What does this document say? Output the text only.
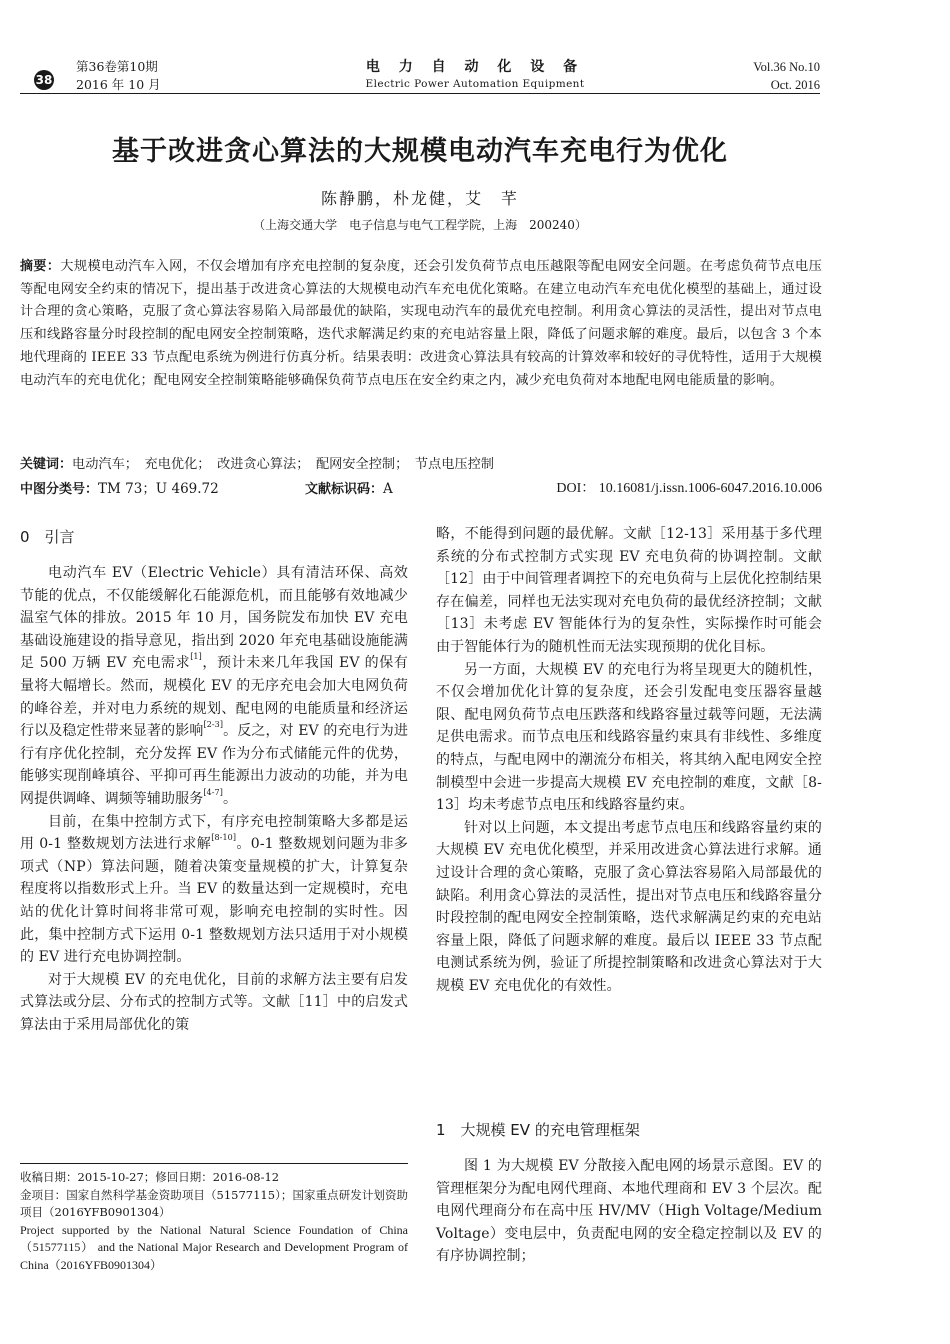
38
第36卷第10期
2016 年 10 月
电 力 自 动 化 设 备
Electric Power Automation Equipment
Vol.36 No.10
Oct. 2016
基于改进贪心算法的大规模电动汽车充电行为优化
陈静鹏，朴龙健，艾　芊
（上海交通大学　电子信息与电气工程学院，上海　200240）
摘要：大规模电动汽车入网，不仅会增加有序充电控制的复杂度，还会引发负荷节点电压越限等配电网安全问题。在考虑负荷节点电压等配电网安全约束的情况下，提出基于改进贪心算法的大规模电动汽车充电优化策略。在建立电动汽车充电优化模型的基础上，通过设计合理的贪心策略，克服了贪心算法容易陷入局部最优的缺陷，实现电动汽车的最优充电控制。利用贪心算法的灵活性，提出对节点电压和线路容量分时段控制的配电网安全控制策略，迭代求解满足约束的充电站容量上限，降低了问题求解的难度。最后，以包含 3 个本地代理商的 IEEE 33 节点配电系统为例进行仿真分析。结果表明：改进贪心算法具有较高的计算效率和较好的寻优特性，适用于大规模电动汽车的充电优化；配电网安全控制策略能够确保负荷节点电压在安全约束之内，减少充电负荷对本地配电网电能质量的影响。
关键词：电动汽车；　充电优化；　改进贪心算法；　配网安全控制；　节点电压控制
中图分类号：TM 73；U 469.72	文献标识码：A	DOI： 10.16081/j.issn.1006-6047.2016.10.006
0　引言

电动汽车 EV（Electric Vehicle）具有清洁环保、高效节能的优点，不仅能缓解化石能源危机，而且能够有效地减少温室气体的排放。2015 年 10 月，国务院发布加快 EV 充电基础设施建设的指导意见，指出到 2020 年充电基础设施能满足 500 万辆 EV 充电需求[1]，预计未来几年我国 EV 的保有量将大幅增长。然而，规模化 EV 的无序充电会加大电网负荷的峰谷差，并对电力系统的规划、配电网的电能质量和经济运行以及稳定性带来显著的影响[2-3]。反之，对 EV 的充电行为进行有序优化控制，充分发挥 EV 作为分布式储能元件的优势，能够实现削峰填谷、平抑可再生能源出力波动的功能，并为电网提供调峰、调频等辅助服务[4-7]。

目前，在集中控制方式下，有序充电控制策略大多都是运用 0-1 整数规划方法进行求解[8-10]。0-1 整数规划问题为非多项式（NP）算法问题，随着决策变量规模的扩大，计算复杂程度将以指数形式上升。当 EV 的数量达到一定规模时，充电站的优化计算时间将非常可观，影响充电控制的实时性。因此，集中控制方式下运用 0-1 整数规划方法只适用于对小规模的 EV 进行充电协调控制。

对于大规模 EV 的充电优化，目前的求解方法主要有启发式算法或分层、分布式的控制方式等。文献［11］中的启发式算法由于采用局部优化的策

收稿日期：2015-10-27；修回日期：2016-08-12
金项目：国家自然科学基金资助项目（51577115）；国家重点研发计划资助项目（2016YFB0901304）
Project supported by the National Natural Science Foundation of China（51577115） and the National Major Research and Development Program of China（2016YFB0901304）

略，不能得到问题的最优解。文献［12-13］采用基于多代理系统的分布式控制方式实现 EV 充电负荷的协调控制。文献［12］由于中间管理者调控下的充电负荷与上层优化控制结果存在偏差，同样也无法实现对充电负荷的最优经济控制；文献［13］未考虑 EV 智能体行为的复杂性，实际操作时可能会由于智能体行为的随机性而无法实现预期的优化目标。

另一方面，大规模 EV 的充电行为将呈现更大的随机性，不仅会增加优化计算的复杂度，还会引发配电变压器容量越限、配电网负荷节点电压跌落和线路容量过载等问题，无法满足供电需求。而节点电压和线路容量约束具有非线性、多维度的特点，与配电网中的潮流分布相关，将其纳入配电网安全控制模型中会进一步提高大规模 EV 充电控制的难度，文献［8-13］均未考虑节点电压和线路容量约束。

针对以上问题，本文提出考虑节点电压和线路容量约束的大规模 EV 充电优化模型，并采用改进贪心算法进行求解。通过设计合理的贪心策略，克服了贪心算法容易陷入局部最优的缺陷。利用贪心算法的灵活性，提出对节点电压和线路容量分时段控制的配电网安全控制策略，迭代求解满足约束的充电站容量上限，降低了问题求解的难度。最后以 IEEE 33 节点配电测试系统为例，验证了所提控制策略和改进贪心算法对于大规模 EV 充电优化的有效性。

1　大规模 EV 的充电管理框架

图 1 为大规模 EV 分散接入配电网的场景示意图。EV 的管理框架分为配电网代理商、本地代理商和 EV 3 个层次。配电网代理商分布在高中压 HV/MV（High Voltage/Medium Voltage）变电层中，负责配电网的安全稳定控制以及 EV 的有序协调控制；
